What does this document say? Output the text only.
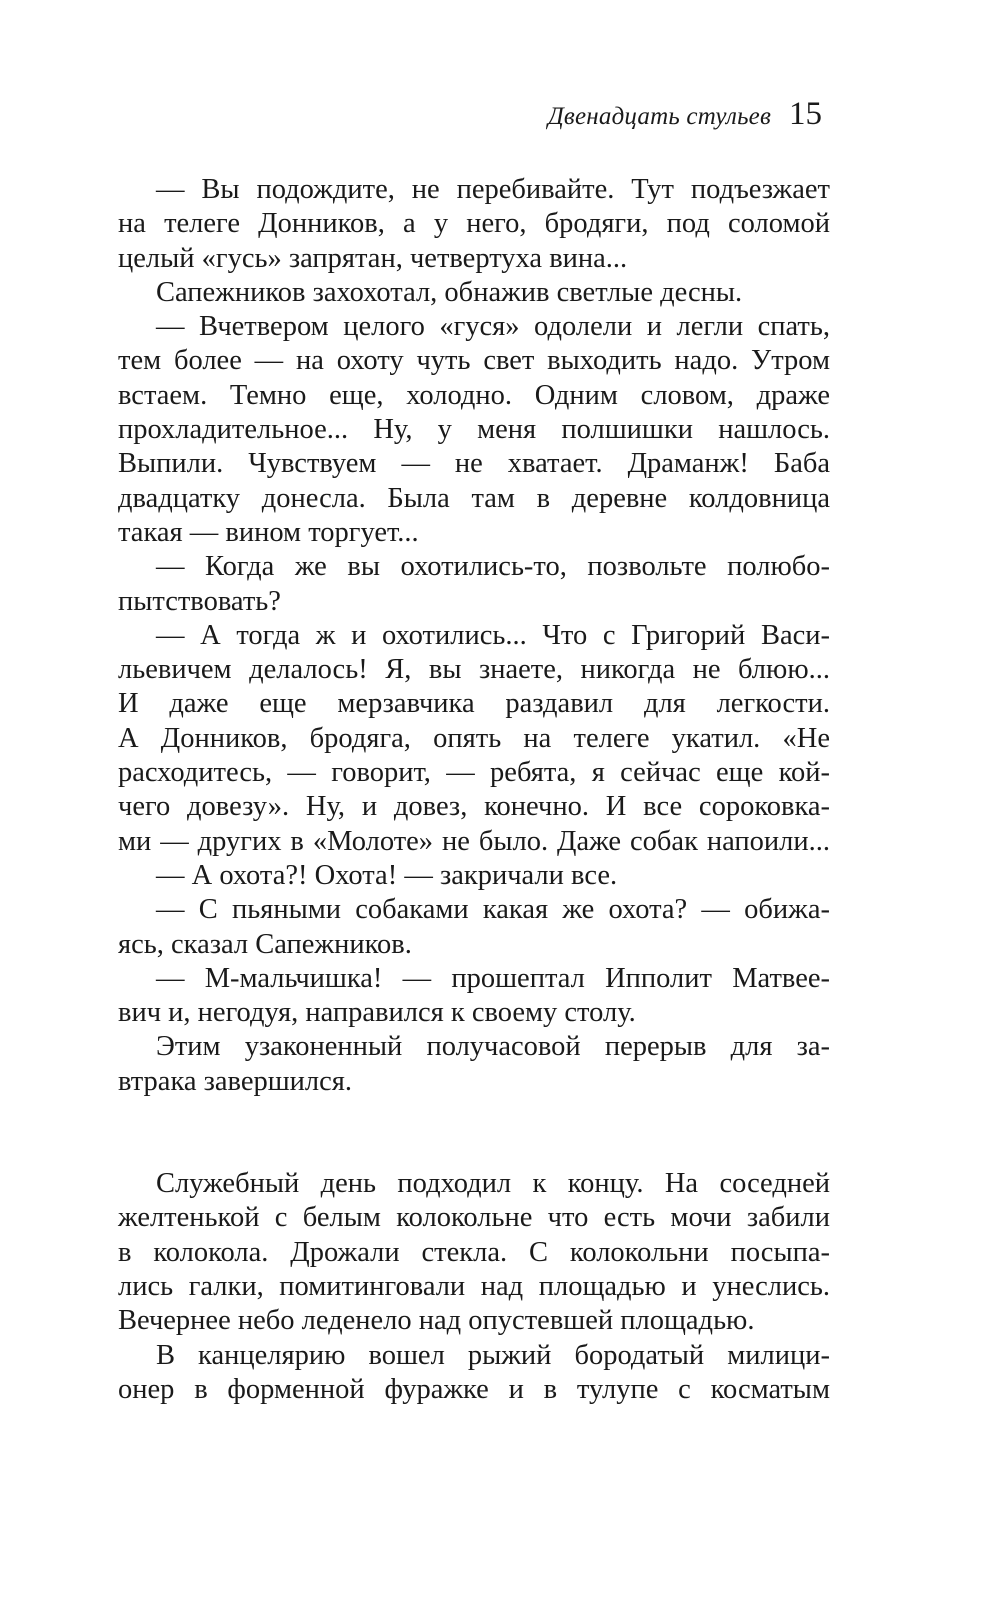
Двенадцать стульев 15
— Вы подождите, не перебивайте. Тут подъезжает
на телеге Донников, а у него, бродяги, под соломой
целый «гусь» запрятан, четвертуха вина...
Сапежников захохотал, обнажив светлые десны.
— Вчетвером целого «гуся» одолели и легли спать,
тем более — на охоту чуть свет выходить надо. Утром
встаем. Темно еще, холодно. Одним словом, драже
прохладительное... Ну, у меня полшишки нашлось.
Выпили. Чувствуем — не хватает. Драманж! Баба
двадцатку донесла. Была там в деревне колдовница
такая — вином торгует...
— Когда же вы охотились-то, позвольте полюбо-
пытствовать?
— А тогда ж и охотились... Что с Григорий Васи-
льевичем делалось! Я, вы знаете, никогда не блюю...
И даже еще мерзавчика раздавил для легкости.
А Донников, бродяга, опять на телеге укатил. «Не
расходитесь, — говорит, — ребята, я сейчас еще кой-
чего довезу». Ну, и довез, конечно. И все сороковка-
ми — других в «Молоте» не было. Даже собак напоили...
— А охота?! Охота! — закричали все.
— С пьяными собаками какая же охота? — обижа-
ясь, сказал Сапежников.
— М-мальчишка! — прошептал Ипполит Матвее-
вич и, негодуя, направился к своему столу.
Этим узаконенный получасовой перерыв для за-
втрака завершился.
Служебный день подходил к концу. На соседней
желтенькой с белым колокольне что есть мочи забили
в колокола. Дрожали стекла. С колокольни посыпа-
лись галки, помитинговали над площадью и унеслись.
Вечернее небо леденело над опустевшей площадью.
В канцелярию вошел рыжий бородатый милици-
онер в форменной фуражке и в тулупе с косматым
